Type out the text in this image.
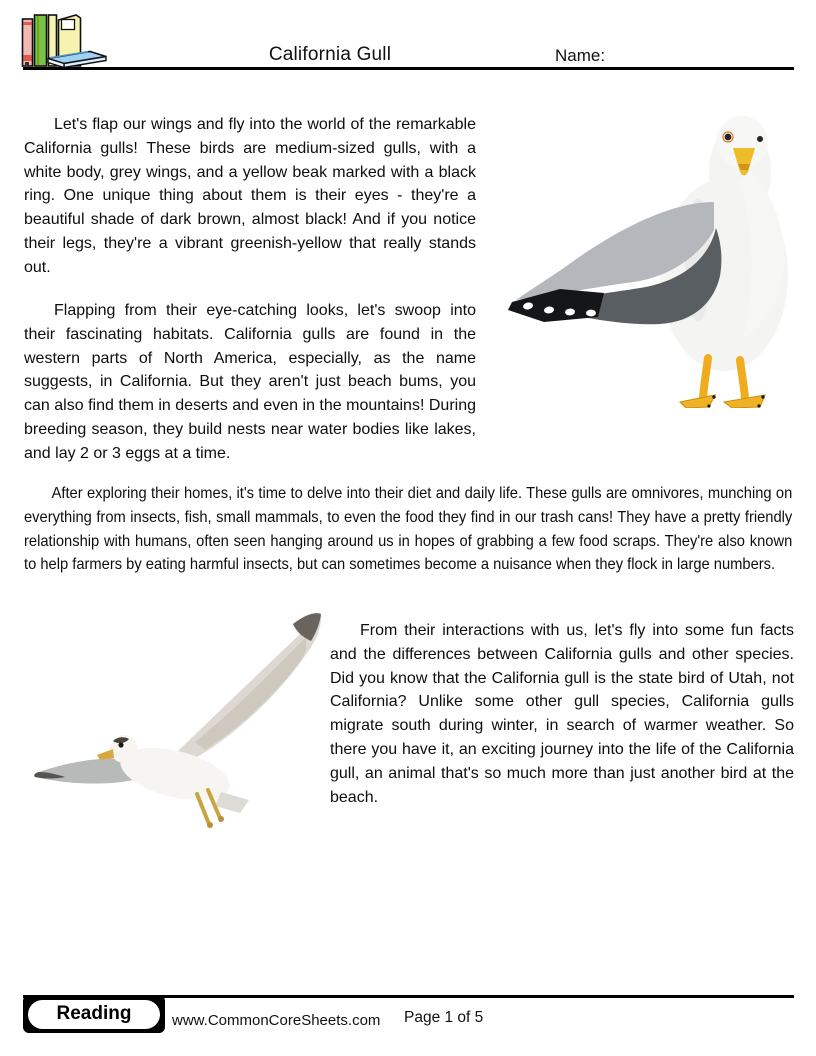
California Gull	Name:

Let's flap our wings and fly into the world of the remarkable California gulls! These birds are medium-sized gulls, with a white body, grey wings, and a yellow beak marked with a black ring. One unique thing about them is their eyes - they're a beautiful shade of dark brown, almost black! And if you notice their legs, they're a vibrant greenish-yellow that really stands out.

Flapping from their eye-catching looks, let's swoop into their fascinating habitats. California gulls are found in the western parts of North America, especially, as the name suggests, in California. But they aren't just beach bums, you can also find them in deserts and even in the mountains! During breeding season, they build nests near water bodies like lakes, and lay 2 or 3 eggs at a time.

After exploring their homes, it's time to delve into their diet and daily life. These gulls are omnivores, munching on everything from insects, fish, small mammals, to even the food they find in our trash cans! They have a pretty friendly relationship with humans, often seen hanging around us in hopes of grabbing a few food scraps. They're also known to help farmers by eating harmful insects, but can sometimes become a nuisance when they flock in large numbers.

From their interactions with us, let's fly into some fun facts and the differences between California gulls and other species. Did you know that the California gull is the state bird of Utah, not California? Unlike some other gull species, California gulls migrate south during winter, in search of warmer weather. So there you have it, an exciting journey into the life of the California gull, an animal that's so much more than just another bird at the beach.

Reading	www.CommonCoreSheets.com Page 1 of 5
